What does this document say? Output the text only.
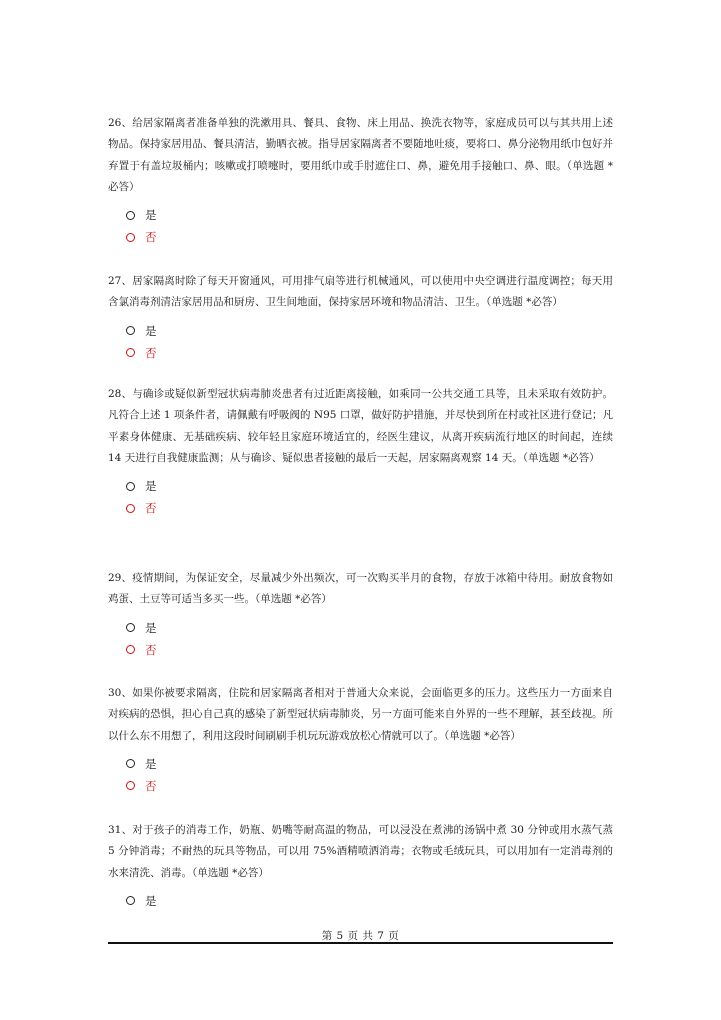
26、给居家隔离者准备单独的洗漱用具、餐具、食物、床上用品、换洗衣物等，家庭成员可以与其共用上述物品。保持家居用品、餐具清洁，勤晒衣被。指导居家隔离者不要随地吐痰，要将口、鼻分泌物用纸巾包好并弃置于有盖垃圾桶内；咳嗽或打喷嚏时，要用纸巾或手肘遮住口、鼻，避免用手接触口、鼻、眼。（单选题 *必答）

是
否

27、居家隔离时除了每天开窗通风，可用排气扇等进行机械通风，可以使用中央空调进行温度调控；每天用含氯消毒剂清洁家居用品和厨房、卫生间地面，保持家居环境和物品清洁、卫生。（单选题 *必答）

是
否

28、与确诊或疑似新型冠状病毒肺炎患者有过近距离接触，如乘同一公共交通工具等，且未采取有效防护。凡符合上述 1 项条件者，请佩戴有呼吸阀的 N95 口罩，做好防护措施，并尽快到所在村或社区进行登记；凡平素身体健康、无基础疾病、较年轻且家庭环境适宜的，经医生建议，从离开疾病流行地区的时间起，连续 14 天进行自我健康监测；从与确诊、疑似患者接触的最后一天起，居家隔离观察 14 天。（单选题 *必答）

是
否

29、疫情期间，为保证安全，尽量减少外出频次，可一次购买半月的食物，存放于冰箱中待用。耐放食物如鸡蛋、土豆等可适当多买一些。（单选题 *必答）

是
否

30、如果你被要求隔离，住院和居家隔离者相对于普通大众来说，会面临更多的压力。这些压力一方面来自对疾病的恐惧，担心自己真的感染了新型冠状病毒肺炎，另一方面可能来自外界的一些不理解，甚至歧视。所以什么东不用想了，利用这段时间刷刷手机玩玩游戏放松心情就可以了。（单选题 *必答）

是
否

31、对于孩子的消毒工作，奶瓶、奶嘴等耐高温的物品，可以浸没在煮沸的汤锅中煮 30 分钟或用水蒸气蒸 5 分钟消毒；不耐热的玩具等物品，可以用 75%酒精喷洒消毒；衣物或毛绒玩具，可以用加有一定消毒剂的水来清洗、消毒。（单选题 *必答）

是
第 5 页 共 7 页
